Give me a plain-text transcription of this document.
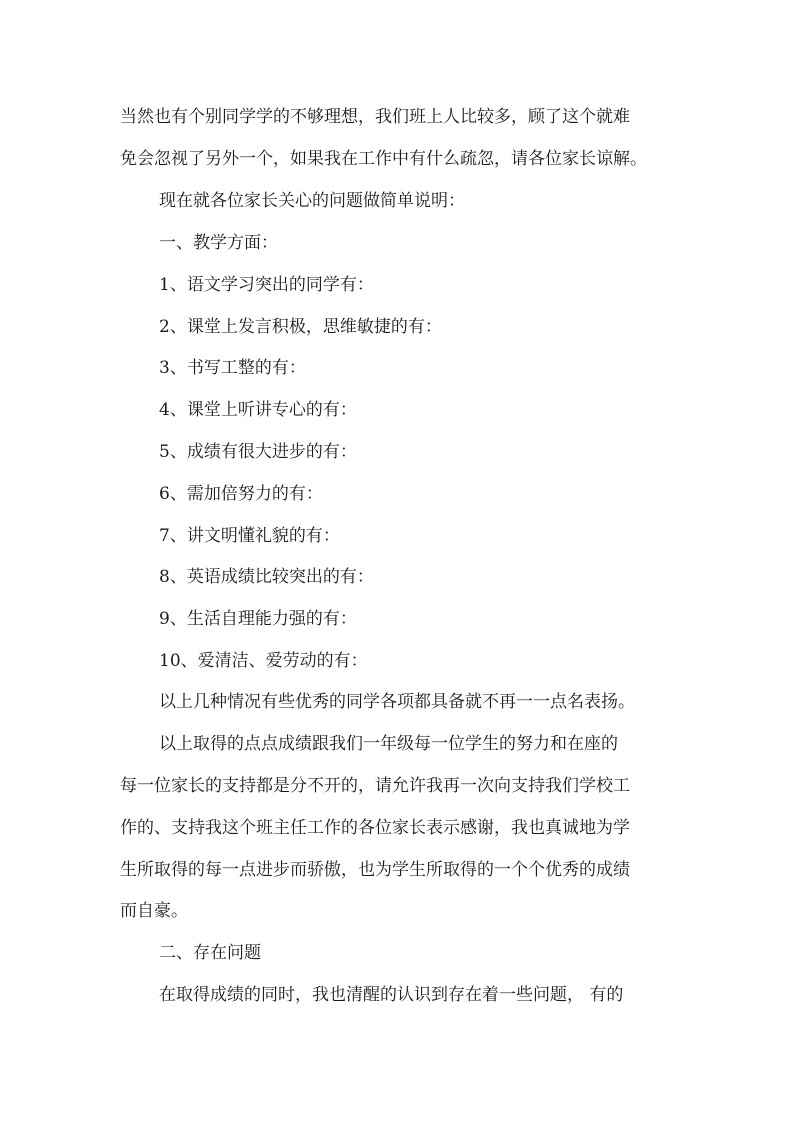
当然也有个别同学学的不够理想，我们班上人比较多，顾了这个就难
免会忽视了另外一个，如果我在工作中有什么疏忽，请各位家长谅解。
现在就各位家长关心的问题做简单说明：
一、教学方面：
1、语文学习突出的同学有：
2、课堂上发言积极，思维敏捷的有：
3、书写工整的有：
4、课堂上听讲专心的有：
5、成绩有很大进步的有：
6、需加倍努力的有：
7、讲文明懂礼貌的有：
8、英语成绩比较突出的有：
9、生活自理能力强的有：
10、爱清洁、爱劳动的有：
以上几种情况有些优秀的同学各项都具备就不再一一点名表扬。
以上取得的点点成绩跟我们一年级每一位学生的努力和在座的
每一位家长的支持都是分不开的，请允许我再一次向支持我们学校工
作的、支持我这个班主任工作的各位家长表示感谢，我也真诚地为学
生所取得的每一点进步而骄傲，也为学生所取得的一个个优秀的成绩
而自豪。
二、存在问题
在取得成绩的同时，我也清醒的认识到存在着一些问题， 有的
